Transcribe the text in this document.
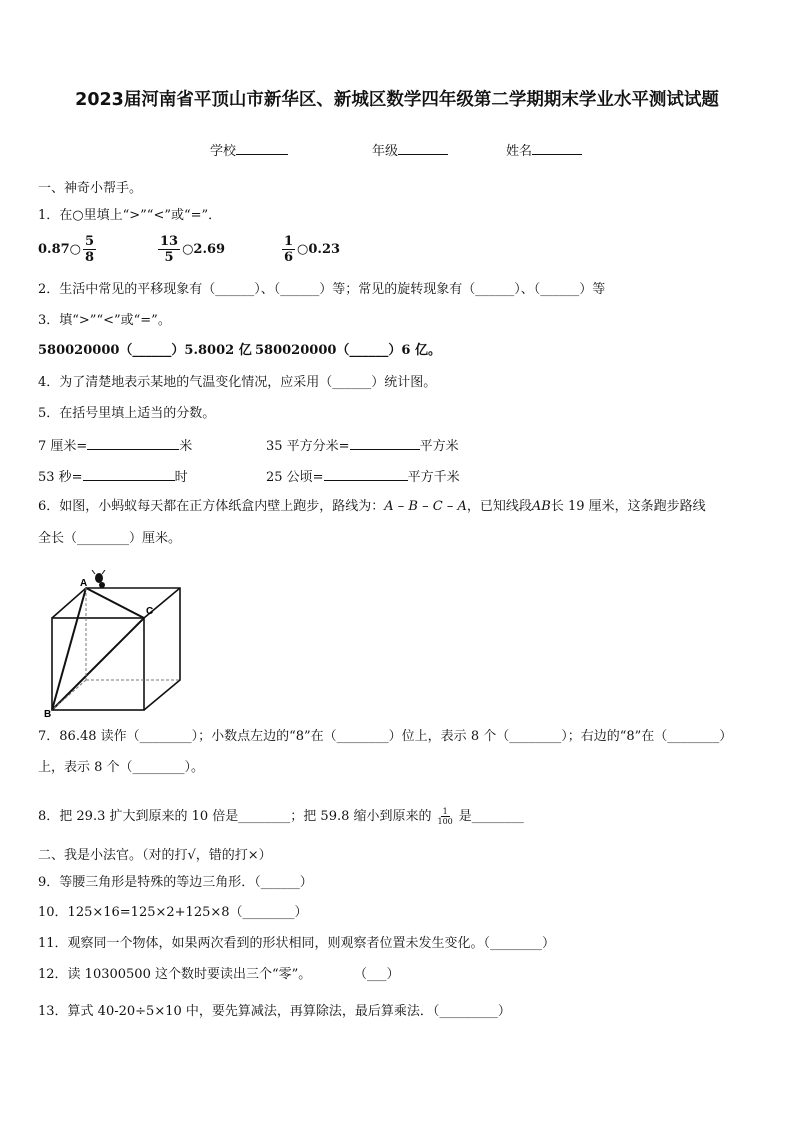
2023届河南省平顶山市新华区、新城区数学四年级第二学期期末学业水平测试试题
学校	年级	姓名
一、神奇小帮手。
1．在○里填上“>”“<”或“=”．
0.87○ $\frac{5}{8}$	$\frac{13}{5}$ ○2.69	$\frac{1}{6}$ ○0.23
2．生活中常见的平移现象有（______）、（______）等；常见的旋转现象有（______）、（______）等
3．填“>”“<”或“=”。
580020000（______）5.8002 亿 580020000（______）6 亿。
4．为了清楚地表示某地的气温变化情况，应采用（______）统计图。
5．在括号里填上适当的分数。
7 厘米=	米	35 平方分米=	平方米
53 秒=	时	25 公顷=	平方千米
6．如图，小蚂蚁每天都在正方体纸盒内壁上跑步，路线为：A – B – C – A，已知线段AB长 19 厘米，这条跑步路线
全长（________）厘米。
A
B
C
7．86.48 读作（________）；小数点左边的“8”在（________）位上，表示 8 个（________）；右边的“8”在（________）
上，表示 8 个（________）。
8．把 29.3 扩大到原来的 10 倍是________；把 59.8 缩小到原来的 $\frac{1}{100}$ 是________
二、我是小法官。（对的打√，错的打×）
9．等腰三角形是特殊的等边三角形．（______）
10．125×16=125×2+125×8（________）
11．观察同一个物体，如果两次看到的形状相同，则观察者位置未发生变化。（________）
12．读 10300500 这个数时要读出三个“零”。	（___）
13．算式 40-20÷5×10 中，要先算减法，再算除法，最后算乘法．（_________）
